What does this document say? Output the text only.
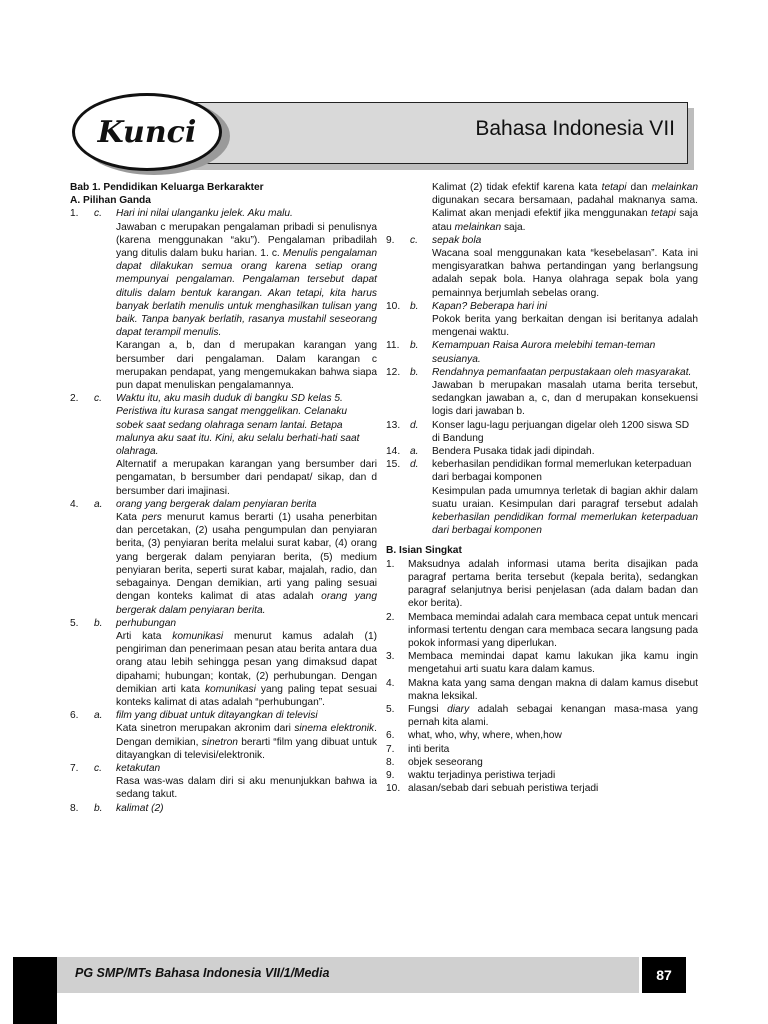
Bahasa Indonesia VII
Kunci
Bab 1. Pendidikan Keluarga Berkarakter
A. Pilihan Ganda
1.	c.	Hari ini nilai ulanganku jelek. Aku malu.
Jawaban c merupakan pengalaman pribadi si penulisnya (karena menggunakan “aku”). Pengalaman pribadilah yang ditulis dalam buku harian. 1. c. Menulis pengalaman dapat dilakukan semua orang karena setiap orang mempunyai pengalaman. Pengalaman tersebut dapat ditulis dalam bentuk karangan. Akan tetapi, kita harus banyak berlatih menulis untuk menghasilkan tulisan yang baik. Tanpa banyak berlatih, rasanya mustahil seseorang dapat terampil menulis.
Karangan a, b, dan d merupakan karangan yang bersumber dari pengalaman. Dalam karangan c merupakan pendapat, yang mengemukakan bahwa siapa pun dapat menuliskan pengalamannya.
2.	c.	Waktu itu, aku masih duduk di bangku SD kelas 5. Peristiwa itu kurasa sangat menggelikan. Celanaku sobek saat sedang olahraga senam lantai. Betapa malunya aku saat itu. Kini, aku selalu berhati-hati saat olahraga.
Alternatif a merupakan karangan yang bersumber dari pengamatan, b bersumber dari pendapat/ sikap, dan d bersumber dari imajinasi.
4.	a.	orang yang bergerak dalam penyiaran berita
Kata pers menurut kamus berarti (1) usaha penerbitan dan percetakan, (2) usaha pengumpulan dan penyiaran berita, (3) penyiaran berita melalui surat kabar, (4) orang yang bergerak dalam penyiaran berita, (5) medium penyiaran berita, seperti surat kabar, majalah, radio, dan sebagainya. Dengan demikian, arti yang paling sesuai dengan konteks kalimat di atas adalah orang yang bergerak dalam penyiaran berita.
5.	b.	perhubungan
Arti kata komunikasi menurut kamus adalah (1) pengiriman dan penerimaan pesan atau berita antara dua orang atau lebih sehingga pesan yang dimaksud dapat dipahami; hubungan; kontak, (2) perhubungan. Dengan demikian arti kata komunikasi yang paling tepat sesuai konteks kalimat di atas adalah “perhubungan”.
6.	a.	film yang dibuat untuk ditayangkan di televisi
Kata sinetron merupakan akronim dari sinema elektronik. Dengan demikian, sinetron berarti “film yang dibuat untuk ditayangkan di televisi/elektronik.
7.	c.	ketakutan
Rasa was-was dalam diri si aku menunjukkan bahwa ia sedang takut.
8.	b.	kalimat (2)
Kalimat (2) tidak efektif karena kata tetapi dan melainkan digunakan secara bersamaan, padahal maknanya sama. Kalimat akan menjadi efektif jika menggunakan tetapi saja atau melainkan saja.
9.	c.	sepak bola
Wacana soal menggunakan kata “kesebelasan”. Kata ini mengisyaratkan bahwa pertandingan yang berlangsung adalah sepak bola. Hanya olahraga sepak bola yang pemainnya berjumlah sebelas orang.
10. b.	Kapan? Beberapa hari ini
Pokok berita yang berkaitan dengan isi beritanya adalah mengenai waktu.
11.	b.	Kemampuan Raisa Aurora melebihi teman-teman seusianya.
12. b.	Rendahnya pemanfaatan perpustakaan oleh masyarakat.
Jawaban b merupakan masalah utama berita tersebut, sedangkan jawaban a, c, dan d merupakan konsekuensi logis dari jawaban b.
13. d.	Konser lagu-lagu perjuangan digelar oleh 1200 siswa SD di Bandung
14. a.	Bendera Pusaka tidak jadi dipindah.
15. d.	keberhasilan pendidikan formal memerlukan keterpaduan dari berbagai komponen
Kesimpulan pada umumnya terletak di bagian akhir dalam suatu uraian. Kesimpulan dari paragraf tersebut adalah keberhasilan pendidikan formal memerlukan keterpaduan dari berbagai komponen
B. Isian Singkat
1.	Maksudnya adalah informasi utama berita disajikan pada paragraf pertama berita tersebut (kepala berita), sedangkan paragraf selanjutnya berisi penjelasan (ada dalam badan dan ekor berita).
2.	Membaca memindai adalah cara membaca cepat untuk mencari informasi tertentu dengan cara membaca secara langsung pada pokok informasi yang diperlukan.
3.	Membaca memindai dapat kamu lakukan jika kamu ingin mengetahui arti suatu kara dalam kamus.
4.	Makna kata yang sama dengan makna di dalam kamus disebut makna leksikal.
5.	Fungsi diary adalah sebagai kenangan masa-masa yang pernah kita alami.
6.	what, who, why, where, when,how
7.	inti berita
8.	objek seseorang
9.	waktu terjadinya peristiwa terjadi
10. alasan/sebab dari sebuah peristiwa terjadi
PG SMP/MTs Bahasa Indonesia VII/1/Media	87
